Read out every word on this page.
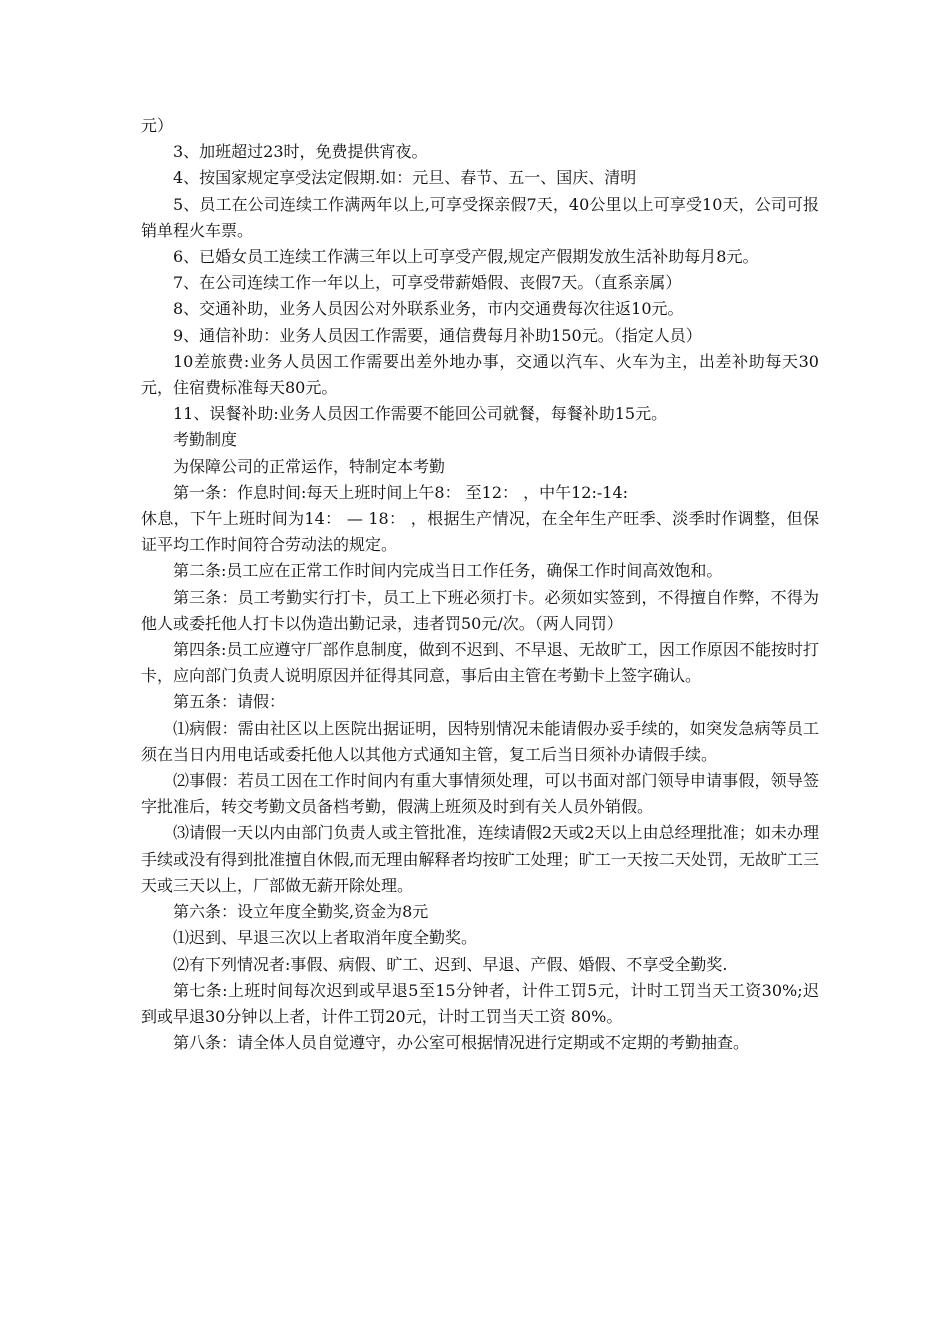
元）

3、加班超过23时，免费提供宵夜。

4、按国家规定享受法定假期.如：元旦、春节、五一、国庆、清明

5、员工在公司连续工作满两年以上,可享受探亲假7天，40公里以上可享受10天，公司可报销单程火车票。

6、已婚女员工连续工作满三年以上可享受产假,规定产假期发放生活补助每月8元。

7、在公司连续工作一年以上，可享受带薪婚假、丧假7天。（直系亲属）

8、交通补助，业务人员因公对外联系业务，市内交通费每次往返10元。

9、通信补助：业务人员因工作需要，通信费每月补助150元。（指定人员）

10差旅费:业务人员因工作需要出差外地办事，交通以汽车、火车为主，出差补助每天30元，住宿费标准每天80元。

11、误餐补助:业务人员因工作需要不能回公司就餐，每餐补助15元。

考勤制度

为保障公司的正常运作，特制定本考勤

第一条：作息时间:每天上班时间上午8： 至12： ，中午12:-14:

休息，下午上班时间为14： — 18： ，根据生产情况，在全年生产旺季、淡季时作调整，但保证平均工作时间符合劳动法的规定。

第二条:员工应在正常工作时间内完成当日工作任务，确保工作时间高效饱和。

第三条：员工考勤实行打卡，员工上下班必须打卡。必须如实签到，不得擅自作弊，不得为他人或委托他人打卡以伪造出勤记录，违者罚50元/次。（两人同罚）

第四条:员工应遵守厂部作息制度，做到不迟到、不早退、无故旷工，因工作原因不能按时打卡，应向部门负责人说明原因并征得其同意，事后由主管在考勤卡上签字确认。

第五条：请假：

⑴病假：需由社区以上医院出据证明，因特别情况未能请假办妥手续的，如突发急病等员工须在当日内用电话或委托他人以其他方式通知主管，复工后当日须补办请假手续。

⑵事假：若员工因在工作时间内有重大事情须处理，可以书面对部门领导申请事假，领导签字批准后，转交考勤文员备档考勤，假满上班须及时到有关人员外销假。

⑶请假一天以内由部门负责人或主管批准，连续请假2天或2天以上由总经理批准；如未办理手续或没有得到批准擅自休假,而无理由解释者均按旷工处理；旷工一天按二天处罚，无故旷工三天或三天以上，厂部做无薪开除处理。

第六条：设立年度全勤奖,资金为8元

⑴迟到、早退三次以上者取消年度全勤奖。

⑵有下列情况者:事假、病假、旷工、迟到、早退、产假、婚假、不享受全勤奖.

第七条:上班时间每次迟到或早退5至15分钟者，计件工罚5元，计时工罚当天工资30%;迟到或早退30分钟以上者，计件工罚20元，计时工罚当天工资 80%。

第八条：请全体人员自觉遵守，办公室可根据情况进行定期或不定期的考勤抽查。
